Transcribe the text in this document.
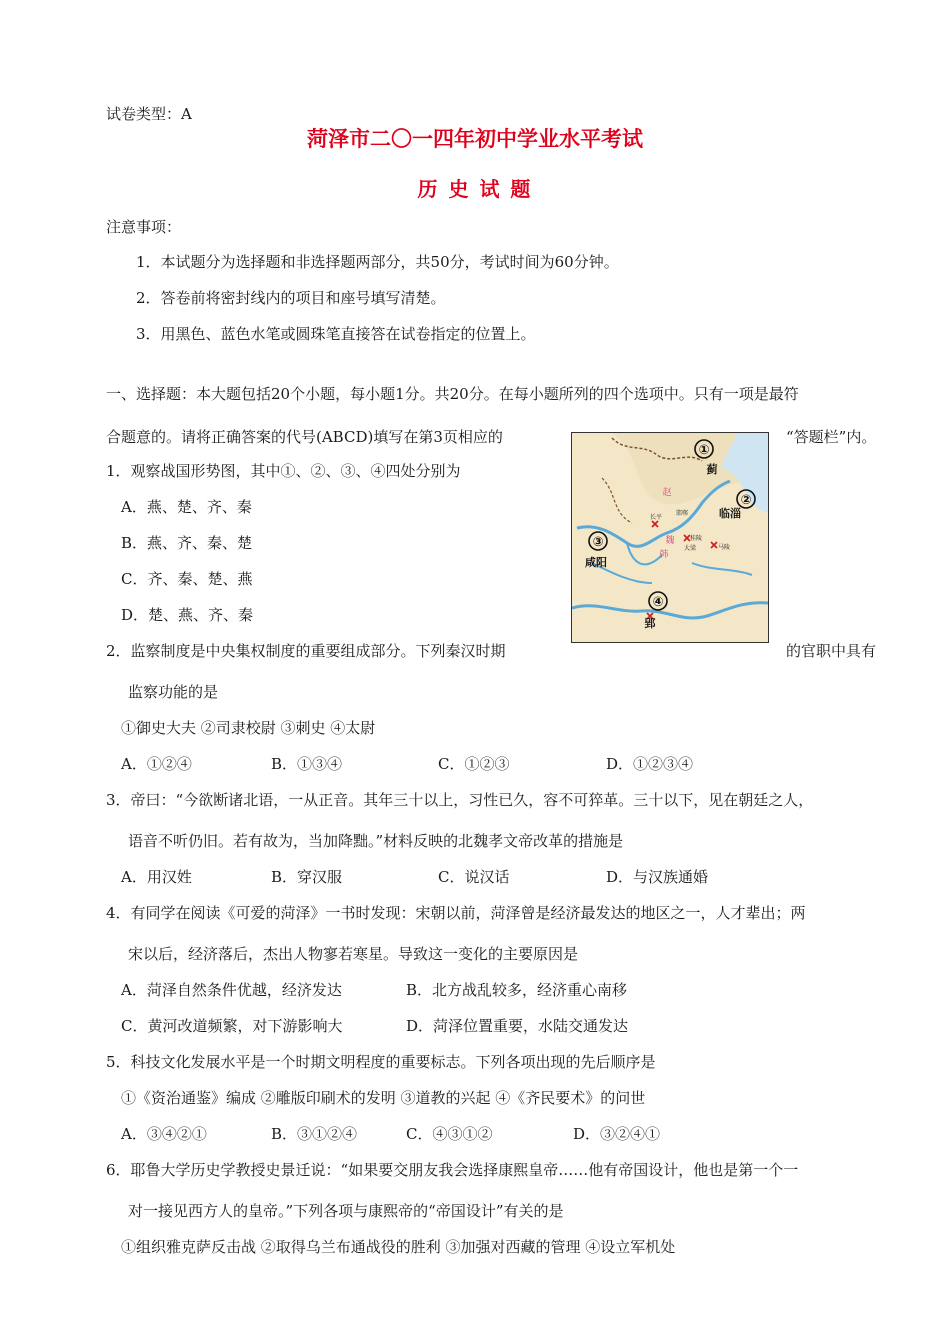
试卷类型：A
菏泽市二〇一四年初中学业水平考试
历 史 试 题
注意事项：
1．本试题分为选择题和非选择题两部分，共50分，考试时间为60分钟。
2．答卷前将密封线内的项目和座号填写清楚。
3．用黑色、蓝色水笔或圆珠笔直接答在试卷指定的位置上。
一、选择题：本大题包括20个小题，每小题1分。共20分。在每小题所列的四个选项中。只有一项是最符
合题意的。请将正确答案的代号(ABCD)填写在第3页相应的	“答题栏”内。
①
②
③
④
蓟
临淄
咸阳
郢
赵
魏
韩
长平
邯郸
桂陵
大梁	马陵
1．观察战国形势图，其中①、②、③、④四处分别为
A．燕、楚、齐、秦
B．燕、齐、秦、楚
C．齐、秦、楚、燕
D．楚、燕、齐、秦
2．监察制度是中央集权制度的重要组成部分。下列秦汉时期	的官职中具有
监察功能的是
①御史大夫 ②司隶校尉 ③刺史 ④太尉
A．①②④	B．①③④	C．①②③	D．①②③④
3．帝曰：“今欲断诸北语，一从正音。其年三十以上，习性已久，容不可猝革。三十以下，见在朝廷之人，
语音不听仍旧。若有故为，当加降黜。”材料反映的北魏孝文帝改革的措施是
A．用汉姓	B．穿汉服	C．说汉话	D．与汉族通婚
4．有同学在阅读《可爱的菏泽》一书时发现：宋朝以前，菏泽曾是经济最发达的地区之一，人才辈出；两
宋以后，经济落后，杰出人物寥若寒星。导致这一变化的主要原因是
A．菏泽自然条件优越，经济发达	B．北方战乱较多，经济重心南移
C．黄河改道频繁，对下游影响大	D．菏泽位置重要，水陆交通发达
5．科技文化发展水平是一个时期文明程度的重要标志。下列各项出现的先后顺序是
①《资治通鉴》编成 ②雕版印刷术的发明 ③道教的兴起 ④《齐民要术》的问世
A．③④②①	B．③①②④	C．④③①②	D．③②④①
6．耶鲁大学历史学教授史景迁说：“如果要交朋友我会选择康熙皇帝……他有帝国设计，他也是第一个一
对一接见西方人的皇帝。”下列各项与康熙帝的“帝国设计”有关的是
①组织雅克萨反击战 ②取得乌兰布通战役的胜利 ③加强对西藏的管理 ④设立军机处
